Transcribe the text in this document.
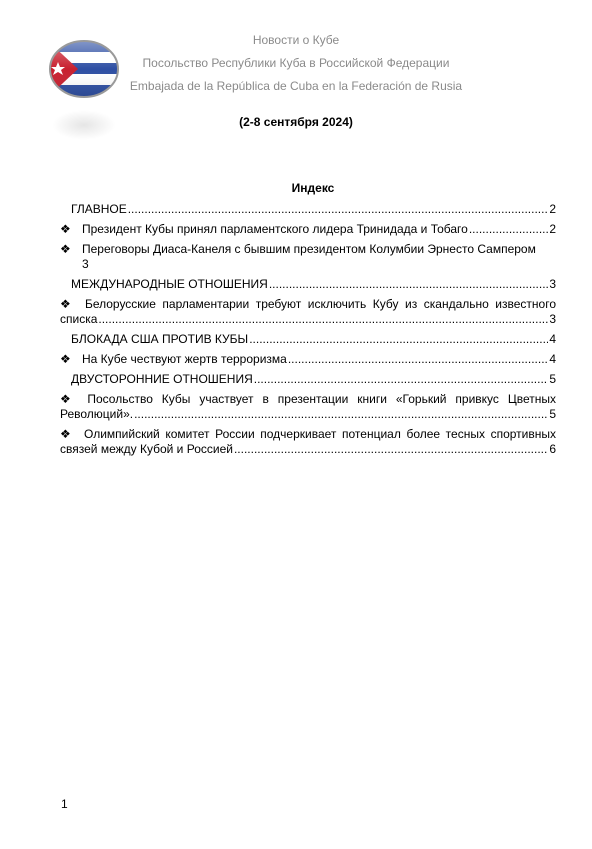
Новости о Кубе
Посольство Республики Куба в Российской Федерации
Embajada de la República de Cuba en la Federación de Rusia
(2-8 сентября 2024)
Индекс
ГЛАВНОЕ .....	2
❖ Президент Кубы принял парламентского лидера Тринидада и Тобаго .....	2
❖ Переговоры Диаса-Канеля с бывшим президентом Колумбии Эрнесто Сампером
3
МЕЖДУНАРОДНЫЕ ОТНОШЕНИЯ .....	3
❖ Белорусские парламентарии требуют исключить Кубу из скандально известного
списка .....	3
БЛОКАДА США ПРОТИВ КУБЫ .....	4
❖ На Кубе чествуют жертв терроризма .....	4
ДВУСТОРОННИЕ ОТНОШЕНИЯ .....	5
❖ Посольство Кубы участвует в презентации книги «Горький привкус Цветных
Революций». .....	5
❖ Олимпийский комитет России подчеркивает потенциал более тесных спортивных
связей между Кубой и Россией .....	6
1
